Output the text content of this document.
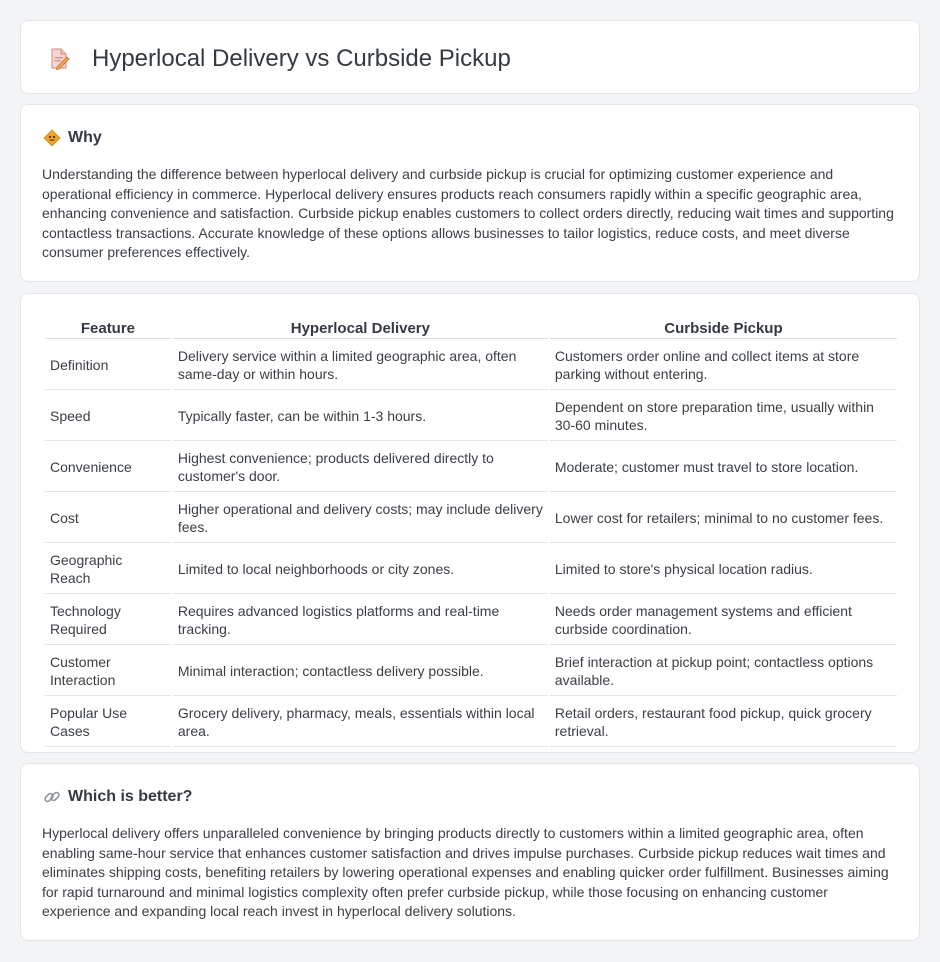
Hyperlocal Delivery vs Curbside Pickup
Why

Understanding the difference between hyperlocal delivery and curbside pickup is crucial for optimizing customer experience and operational efficiency in commerce. Hyperlocal delivery ensures products reach consumers rapidly within a specific geographic area, enhancing convenience and satisfaction. Curbside pickup enables customers to collect orders directly, reducing wait times and supporting contactless transactions. Accurate knowledge of these options allows businesses to tailor logistics, reduce costs, and meet diverse consumer preferences effectively.

Feature	Hyperlocal Delivery	Curbside Pickup
Definition	Delivery service within a limited geographic area, often same-day or within hours.	Customers order online and collect items at store parking without entering.
Speed	Typically faster, can be within 1-3 hours.	Dependent on store preparation time, usually within 30-60 minutes.
Convenience	Highest convenience; products delivered directly to customer's door.	Moderate; customer must travel to store location.
Cost	Higher operational and delivery costs; may include delivery fees.	Lower cost for retailers; minimal to no customer fees.
Geographic Reach	Limited to local neighborhoods or city zones.	Limited to store's physical location radius.
Technology Required	Requires advanced logistics platforms and real-time tracking.	Needs order management systems and efficient curbside coordination.
Customer Interaction	Minimal interaction; contactless delivery possible.	Brief interaction at pickup point; contactless options available.
Popular Use Cases	Grocery delivery, pharmacy, meals, essentials within local area.	Retail orders, restaurant food pickup, quick grocery retrieval.
Which is better?

Hyperlocal delivery offers unparalleled convenience by bringing products directly to customers within a limited geographic area, often enabling same-hour service that enhances customer satisfaction and drives impulse purchases. Curbside pickup reduces wait times and eliminates shipping costs, benefiting retailers by lowering operational expenses and enabling quicker order fulfillment. Businesses aiming for rapid turnaround and minimal logistics complexity often prefer curbside pickup, while those focusing on enhancing customer experience and expanding local reach invest in hyperlocal delivery solutions.
